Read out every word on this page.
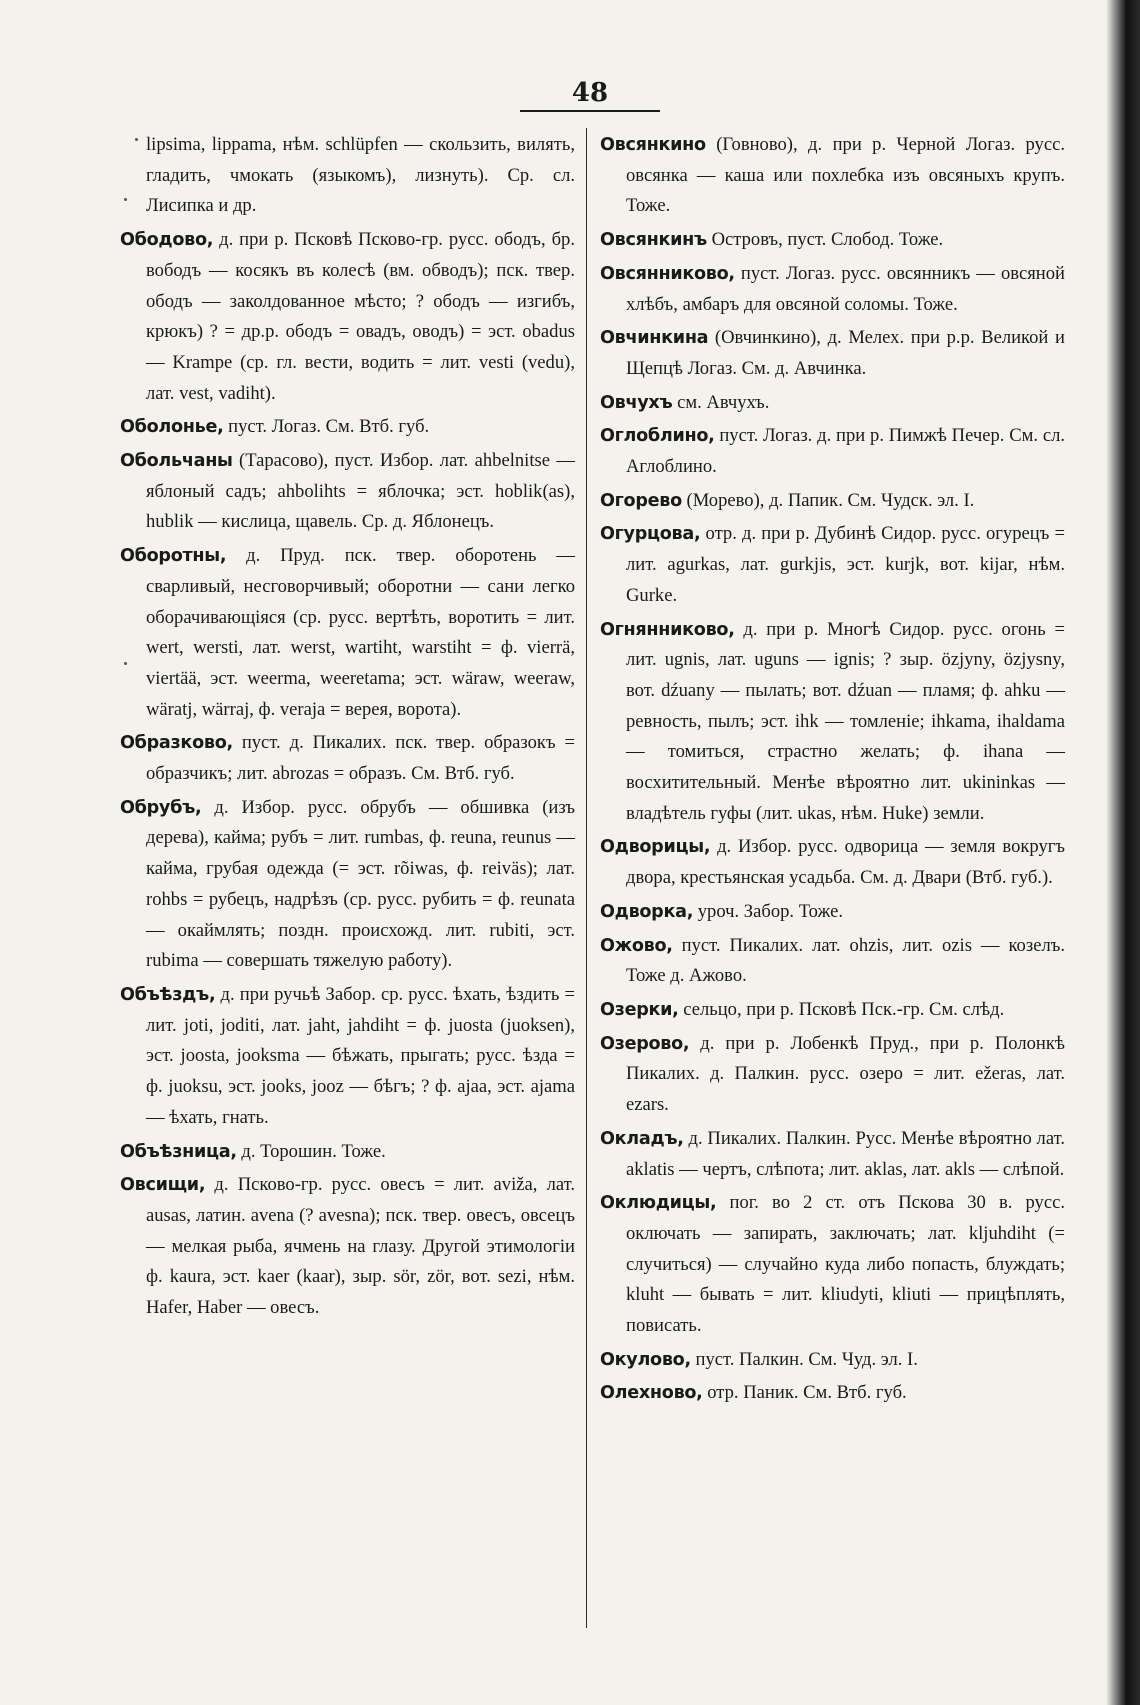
48

lipsima, lippama, нѣм. schlüpfen — скользить, вилять, гладить, чмокать (языкомъ), лизнуть). Ср. сл. Лисипка и др.

Ободово, д. при р. Псковѣ Псково-гр. русс. ободъ, бр. вободъ — косякъ въ колесѣ (вм. обводъ); пск. твер. ободъ — заколдованное мѣсто; ? ободъ — изгибъ, крюкъ) ? = др.р. ободъ = овадъ, оводъ) = эст. obadus — Krampe (ср. гл. вести, водить = лит. vesti (vedu), лат. vest, vadiht).

Оболонье, пуст. Логаз. См. Втб. губ.

Обольчаны (Тарасово), пуст. Избор. лат. ahbelnitse — яблоный садъ; ahbolihts = яблочка; эст. hoblik(as), hublik — кислица, щавель. Ср. д. Яблонецъ.

Оборотны, д. Пруд. пск. твер. оборотень — сварливый, несговорчивый; оборотни — сани легко оборачивающіяся (ср. русс. вертѣть, воротить = лит. wert, wersti, лат. werst, wartiht, warstiht = ф. vierrä, viertää, эст. weerma, weeretama; эст. wäraw, weeraw, wäratj, wärraj, ф. veraja = верея, ворота).

Образково, пуст. д. Пикалих. пск. твер. образокъ = образчикъ; лит. abrozas = образъ. См. Втб. губ.

Обрубъ, д. Избор. русс. обрубъ — обшивка (изъ дерева), кайма; рубъ = лит. rumbas, ф. reuna, reunus — кайма, грубая одежда (= эст. rõiwas, ф. reiväs); лат. rohbs = рубецъ, надрѣзъ (ср. русс. рубить = ф. reunata — окаймлять; поздн. происхожд. лит. rubiti, эст. rubima — совершать тяжелую работу).

Объѣздъ, д. при ручьѣ Забор. ср. русс. ѣхать, ѣздить = лит. joti, joditi, лат. jaht, jahdiht = ф. juosta (juoksen), эст. joosta, jooksma — бѣжать, прыгать; русс. ѣзда = ф. juoksu, эст. jooks, jooz — бѣгъ; ? ф. ajaa, эст. ajama — ѣхать, гнать.

Объѣзница, д. Торошин. Тоже.

Овсищи, д. Псково-гр. русс. овесъ = лит. aviža, лат. ausas, латин. avena (? avesna); пск. твер. овесъ, овсецъ — мелкая рыба, ячмень на глазу. Другой этимологіи ф. kaura, эст. kaer (kaar), зыр. sör, zör, вот. sezi, нѣм. Hafer, Haber — овесъ.

Овсянкино (Говново), д. при р. Черной Логаз. русс. овсянка — каша или похлебка изъ овсяныхъ крупъ. Тоже.

Овсянкинъ Островъ, пуст. Слобод. Тоже.

Овсянниково, пуст. Логаз. русс. овсянникъ — овсяной хлѣбъ, амбаръ для овсяной соломы. Тоже.

Овчинкина (Овчинкино), д. Мелех. при р.р. Великой и Щепцѣ Логаз. См. д. Авчинка.

Овчухъ см. Авчухъ.

Оглоблино, пуст. Логаз. д. при р. Пимжѣ Печер. См. сл. Аглоблино.

Огорево (Морево), д. Папик. См. Чудск. эл. I.

Огурцова, отр. д. при р. Дубинѣ Сидор. русс. огурецъ = лит. agurkas, лат. gurkjis, эст. kurjk, вот. kijar, нѣм. Gurke.

Огнянниково, д. при р. Многѣ Сидор. русс. огонь = лит. ugnis, лат. uguns — ignis; ? зыр. özjyny, özjysny, вот. dźuany — пылать; вот. dźuan — пламя; ф. ahku — ревность, пылъ; эст. ihk — томленіе; ihkama, ihaldama — томиться, страстно желать; ф. ihana — восхитительный. Менѣе вѣроятно лит. ukininkas — владѣтель гуфы (лит. ukas, нѣм. Huke) земли.

Одворицы, д. Избор. русс. одворица — земля вокругъ двора, крестьянская усадьба. См. д. Двари (Втб. губ.).

Одворка, уроч. Забор. Тоже.

Ожово, пуст. Пикалих. лат. ohzis, лит. ozis — козелъ. Тоже д. Ажово.

Озерки, сельцо, при р. Псковѣ Пск.-гр. См. слѣд.

Озерово, д. при р. Лобенкѣ Пруд., при р. Полонкѣ Пикалих. д. Палкин. русс. озеро = лит. ežeras, лат. ezars.

Окладъ, д. Пикалих. Палкин. Русс. Менѣе вѣроятно лат. aklatis — чертъ, слѣпота; лит. aklas, лат. akls — слѣпой.

Оклюдицы, пог. во 2 ст. отъ Пскова 30 в. русс. оключать — запирать, заключать; лат. kljuhdiht (= случиться) — случайно куда либо попасть, блуждать; kluht — бывать = лит. kliudyti, kliuti — прицѣплять, повисать.

Окулово, пуст. Палкин. См. Чуд. эл. I.

Олехново, отр. Паник. См. Втб. губ.
